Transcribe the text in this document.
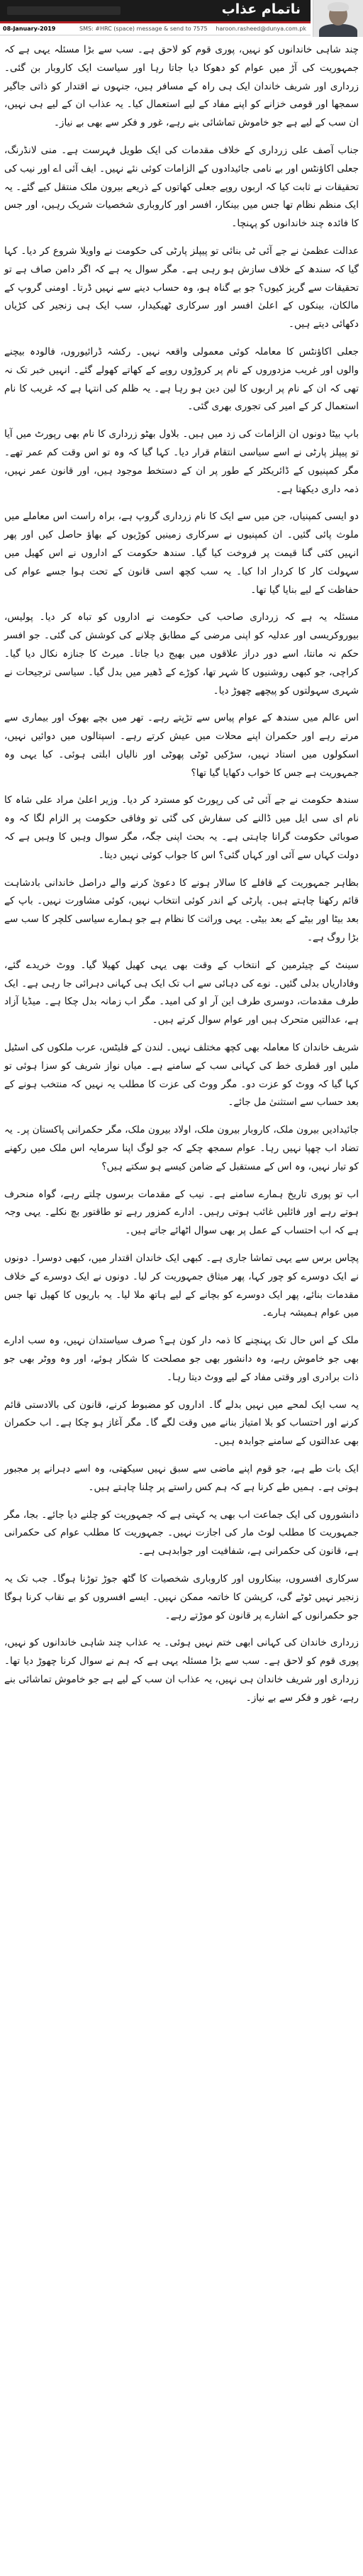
ناتمام عذاب
08-January-2019	SMS: #HRC (space) message & send to 7575 haroon.rasheed@dunya.com.pk

چند شاہی خاندانوں کو نہیں، پوری قوم کو لاحق ہے۔ سب سے بڑا مسئلہ یہی ہے کہ جمہوریت کی آڑ میں عوام کو دھوکا دیا جاتا رہا اور سیاست ایک کاروبار بن گئی۔ زرداری اور شریف خاندان ایک ہی راہ کے مسافر ہیں، جنہوں نے اقتدار کو ذاتی جاگیر سمجھا اور قومی خزانے کو اپنے مفاد کے لیے استعمال کیا۔ یہ عذاب ان کے لیے ہی نہیں، ان سب کے لیے ہے جو خاموش تماشائی بنے رہے، غور و فکر سے بھی بے نیاز۔

جناب آصف علی زرداری کے خلاف مقدمات کی ایک طویل فہرست ہے۔ منی لانڈرنگ، جعلی اکاؤنٹس اور بے نامی جائیدادوں کے الزامات کوئی نئے نہیں۔ ایف آئی اے اور نیب کی تحقیقات نے ثابت کیا کہ اربوں روپے جعلی کھاتوں کے ذریعے بیرون ملک منتقل کیے گئے۔ یہ ایک منظم نظام تھا جس میں بینکار، افسر اور کاروباری شخصیات شریک رہیں، اور جس کا فائدہ چند خاندانوں کو پہنچا۔

عدالت عظمیٰ نے جے آئی ٹی بنائی تو پیپلز پارٹی کی حکومت نے واویلا شروع کر دیا۔ کہا گیا کہ سندھ کے خلاف سازش ہو رہی ہے۔ مگر سوال یہ ہے کہ اگر دامن صاف ہے تو تحقیقات سے گریز کیوں؟ جو بے گناہ ہو، وہ حساب دینے سے نہیں ڈرتا۔ اومنی گروپ کے مالکان، بینکوں کے اعلیٰ افسر اور سرکاری ٹھیکیدار، سب ایک ہی زنجیر کی کڑیاں دکھائی دیتے ہیں۔

جعلی اکاؤنٹس کا معاملہ کوئی معمولی واقعہ نہیں۔ رکشہ ڈرائیوروں، فالودہ بیچنے والوں اور غریب مزدوروں کے نام پر کروڑوں روپے کے کھاتے کھولے گئے۔ انہیں خبر تک نہ تھی کہ ان کے نام پر اربوں کا لین دین ہو رہا ہے۔ یہ ظلم کی انتہا ہے کہ غریب کا نام استعمال کر کے امیر کی تجوری بھری گئی۔

باپ بیٹا دونوں ان الزامات کی زد میں ہیں۔ بلاول بھٹو زرداری کا نام بھی رپورٹ میں آیا تو پیپلز پارٹی نے اسے سیاسی انتقام قرار دیا۔ کہا گیا کہ وہ تو اس وقت کم عمر تھے۔ مگر کمپنیوں کے ڈائریکٹر کے طور پر ان کے دستخط موجود ہیں، اور قانون عمر نہیں، ذمہ داری دیکھتا ہے۔

دو ایسی کمپنیاں، جن میں سے ایک کا نام زرداری گروپ ہے، براہ راست اس معاملے میں ملوث پائی گئیں۔ ان کمپنیوں نے سرکاری زمینیں کوڑیوں کے بھاؤ حاصل کیں اور پھر انہیں کئی گنا قیمت پر فروخت کیا گیا۔ سندھ حکومت کے اداروں نے اس کھیل میں سہولت کار کا کردار ادا کیا۔ یہ سب کچھ اسی قانون کے تحت ہوا جسے عوام کی حفاظت کے لیے بنایا گیا تھا۔

مسئلہ یہ ہے کہ زرداری صاحب کی حکومت نے اداروں کو تباہ کر دیا۔ پولیس، بیوروکریسی اور عدلیہ کو اپنی مرضی کے مطابق چلانے کی کوشش کی گئی۔ جو افسر حکم نہ مانتا، اسے دور دراز علاقوں میں بھیج دیا جاتا۔ میرٹ کا جنازہ نکال دیا گیا۔ کراچی، جو کبھی روشنیوں کا شہر تھا، کوڑے کے ڈھیر میں بدل گیا۔ سیاسی ترجیحات نے شہری سہولتوں کو پیچھے چھوڑ دیا۔

اس عالم میں سندھ کے عوام پیاس سے تڑپتے رہے۔ تھر میں بچے بھوک اور بیماری سے مرتے رہے اور حکمران اپنے محلات میں عیش کرتے رہے۔ اسپتالوں میں دوائیں نہیں، اسکولوں میں استاد نہیں، سڑکیں ٹوٹی پھوٹی اور نالیاں ابلتی ہوئی۔ کیا یہی وہ جمہوریت ہے جس کا خواب دکھایا گیا تھا؟

سندھ حکومت نے جے آئی ٹی کی رپورٹ کو مسترد کر دیا۔ وزیر اعلیٰ مراد علی شاہ کا نام ای سی ایل میں ڈالنے کی سفارش کی گئی تو وفاقی حکومت پر الزام لگا کہ وہ صوبائی حکومت گرانا چاہتی ہے۔ یہ بحث اپنی جگہ، مگر سوال وہیں کا وہیں ہے کہ دولت کہاں سے آئی اور کہاں گئی؟ اس کا جواب کوئی نہیں دیتا۔

بظاہر جمہوریت کے قافلے کا سالار ہونے کا دعویٰ کرنے والے دراصل خاندانی بادشاہت قائم رکھنا چاہتے ہیں۔ پارٹی کے اندر کوئی انتخاب نہیں، کوئی مشاورت نہیں۔ باپ کے بعد بیٹا اور بیٹے کے بعد بیٹی۔ یہی وراثت کا نظام ہے جو ہمارے سیاسی کلچر کا سب سے بڑا روگ ہے۔

سینٹ کے چیئرمین کے انتخاب کے وقت بھی یہی کھیل کھیلا گیا۔ ووٹ خریدے گئے، وفاداریاں بدلی گئیں۔ نوے کی دہائی سے اب تک ایک ہی کہانی دہرائی جا رہی ہے۔ ایک طرف مقدمات، دوسری طرف این آر او کی امید۔ مگر اب زمانہ بدل چکا ہے۔ میڈیا آزاد ہے، عدالتیں متحرک ہیں اور عوام سوال کرتے ہیں۔

شریف خاندان کا معاملہ بھی کچھ مختلف نہیں۔ لندن کے فلیٹس، عرب ملکوں کی اسٹیل ملیں اور قطری خط کی کہانی سب کے سامنے ہے۔ میاں نواز شریف کو سزا ہوئی تو کہا گیا کہ ووٹ کو عزت دو۔ مگر ووٹ کی عزت کا مطلب یہ نہیں کہ منتخب ہونے کے بعد حساب سے استثنیٰ مل جائے۔

جائیدادیں بیرون ملک، کاروبار بیرون ملک، اولاد بیرون ملک، مگر حکمرانی پاکستان پر۔ یہ تضاد اب چھپا نہیں رہا۔ عوام سمجھ چکے کہ جو لوگ اپنا سرمایہ اس ملک میں رکھنے کو تیار نہیں، وہ اس کے مستقبل کے ضامن کیسے ہو سکتے ہیں؟

اب تو پوری تاریخ ہمارے سامنے ہے۔ نیب کے مقدمات برسوں چلتے رہے، گواہ منحرف ہوتے رہے اور فائلیں غائب ہوتی رہیں۔ ادارے کمزور رہے تو طاقتور بچ نکلے۔ یہی وجہ ہے کہ اب احتساب کے عمل پر بھی سوال اٹھائے جاتے ہیں۔

پچاس برس سے یہی تماشا جاری ہے۔ کبھی ایک خاندان اقتدار میں، کبھی دوسرا۔ دونوں نے ایک دوسرے کو چور کہا، پھر میثاق جمہوریت کر لیا۔ دونوں نے ایک دوسرے کے خلاف مقدمات بنائے، پھر ایک دوسرے کو بچانے کے لیے ہاتھ ملا لیا۔ یہ باریوں کا کھیل تھا جس میں عوام ہمیشہ ہارے۔

ملک کے اس حال تک پہنچنے کا ذمہ دار کون ہے؟ صرف سیاستدان نہیں، وہ سب ادارے بھی جو خاموش رہے، وہ دانشور بھی جو مصلحت کا شکار ہوئے، اور وہ ووٹر بھی جو ذات برادری اور وقتی مفاد کے لیے ووٹ دیتا رہا۔

یہ سب ایک لمحے میں نہیں بدلے گا۔ اداروں کو مضبوط کرنے، قانون کی بالادستی قائم کرنے اور احتساب کو بلا امتیاز بنانے میں وقت لگے گا۔ مگر آغاز ہو چکا ہے۔ اب حکمران بھی عدالتوں کے سامنے جوابدہ ہیں۔

ایک بات طے ہے، جو قوم اپنے ماضی سے سبق نہیں سیکھتی، وہ اسے دہرانے پر مجبور ہوتی ہے۔ ہمیں طے کرنا ہے کہ ہم کس راستے پر چلنا چاہتے ہیں۔

دانشوروں کی ایک جماعت اب بھی یہ کہتی ہے کہ جمہوریت کو چلنے دیا جائے۔ بجا، مگر جمہوریت کا مطلب لوٹ مار کی اجازت نہیں۔ جمہوریت کا مطلب عوام کی حکمرانی ہے، قانون کی حکمرانی ہے، شفافیت اور جوابدہی ہے۔

سرکاری افسروں، بینکاروں اور کاروباری شخصیات کا گٹھ جوڑ توڑنا ہوگا۔ جب تک یہ زنجیر نہیں ٹوٹے گی، کرپشن کا خاتمہ ممکن نہیں۔ ایسے افسروں کو بے نقاب کرنا ہوگا جو حکمرانوں کے اشارے پر قانون کو موڑتے رہے۔

زرداری خاندان کی کہانی ابھی ختم نہیں ہوئی۔ یہ عذاب چند شاہی خاندانوں کو نہیں، پوری قوم کو لاحق ہے۔ سب سے بڑا مسئلہ یہی ہے کہ ہم نے سوال کرنا چھوڑ دیا تھا۔ زرداری اور شریف خاندان ہی نہیں، یہ عذاب ان سب کے لیے ہے جو خاموش تماشائی بنے رہے، غور و فکر سے بے نیاز۔
